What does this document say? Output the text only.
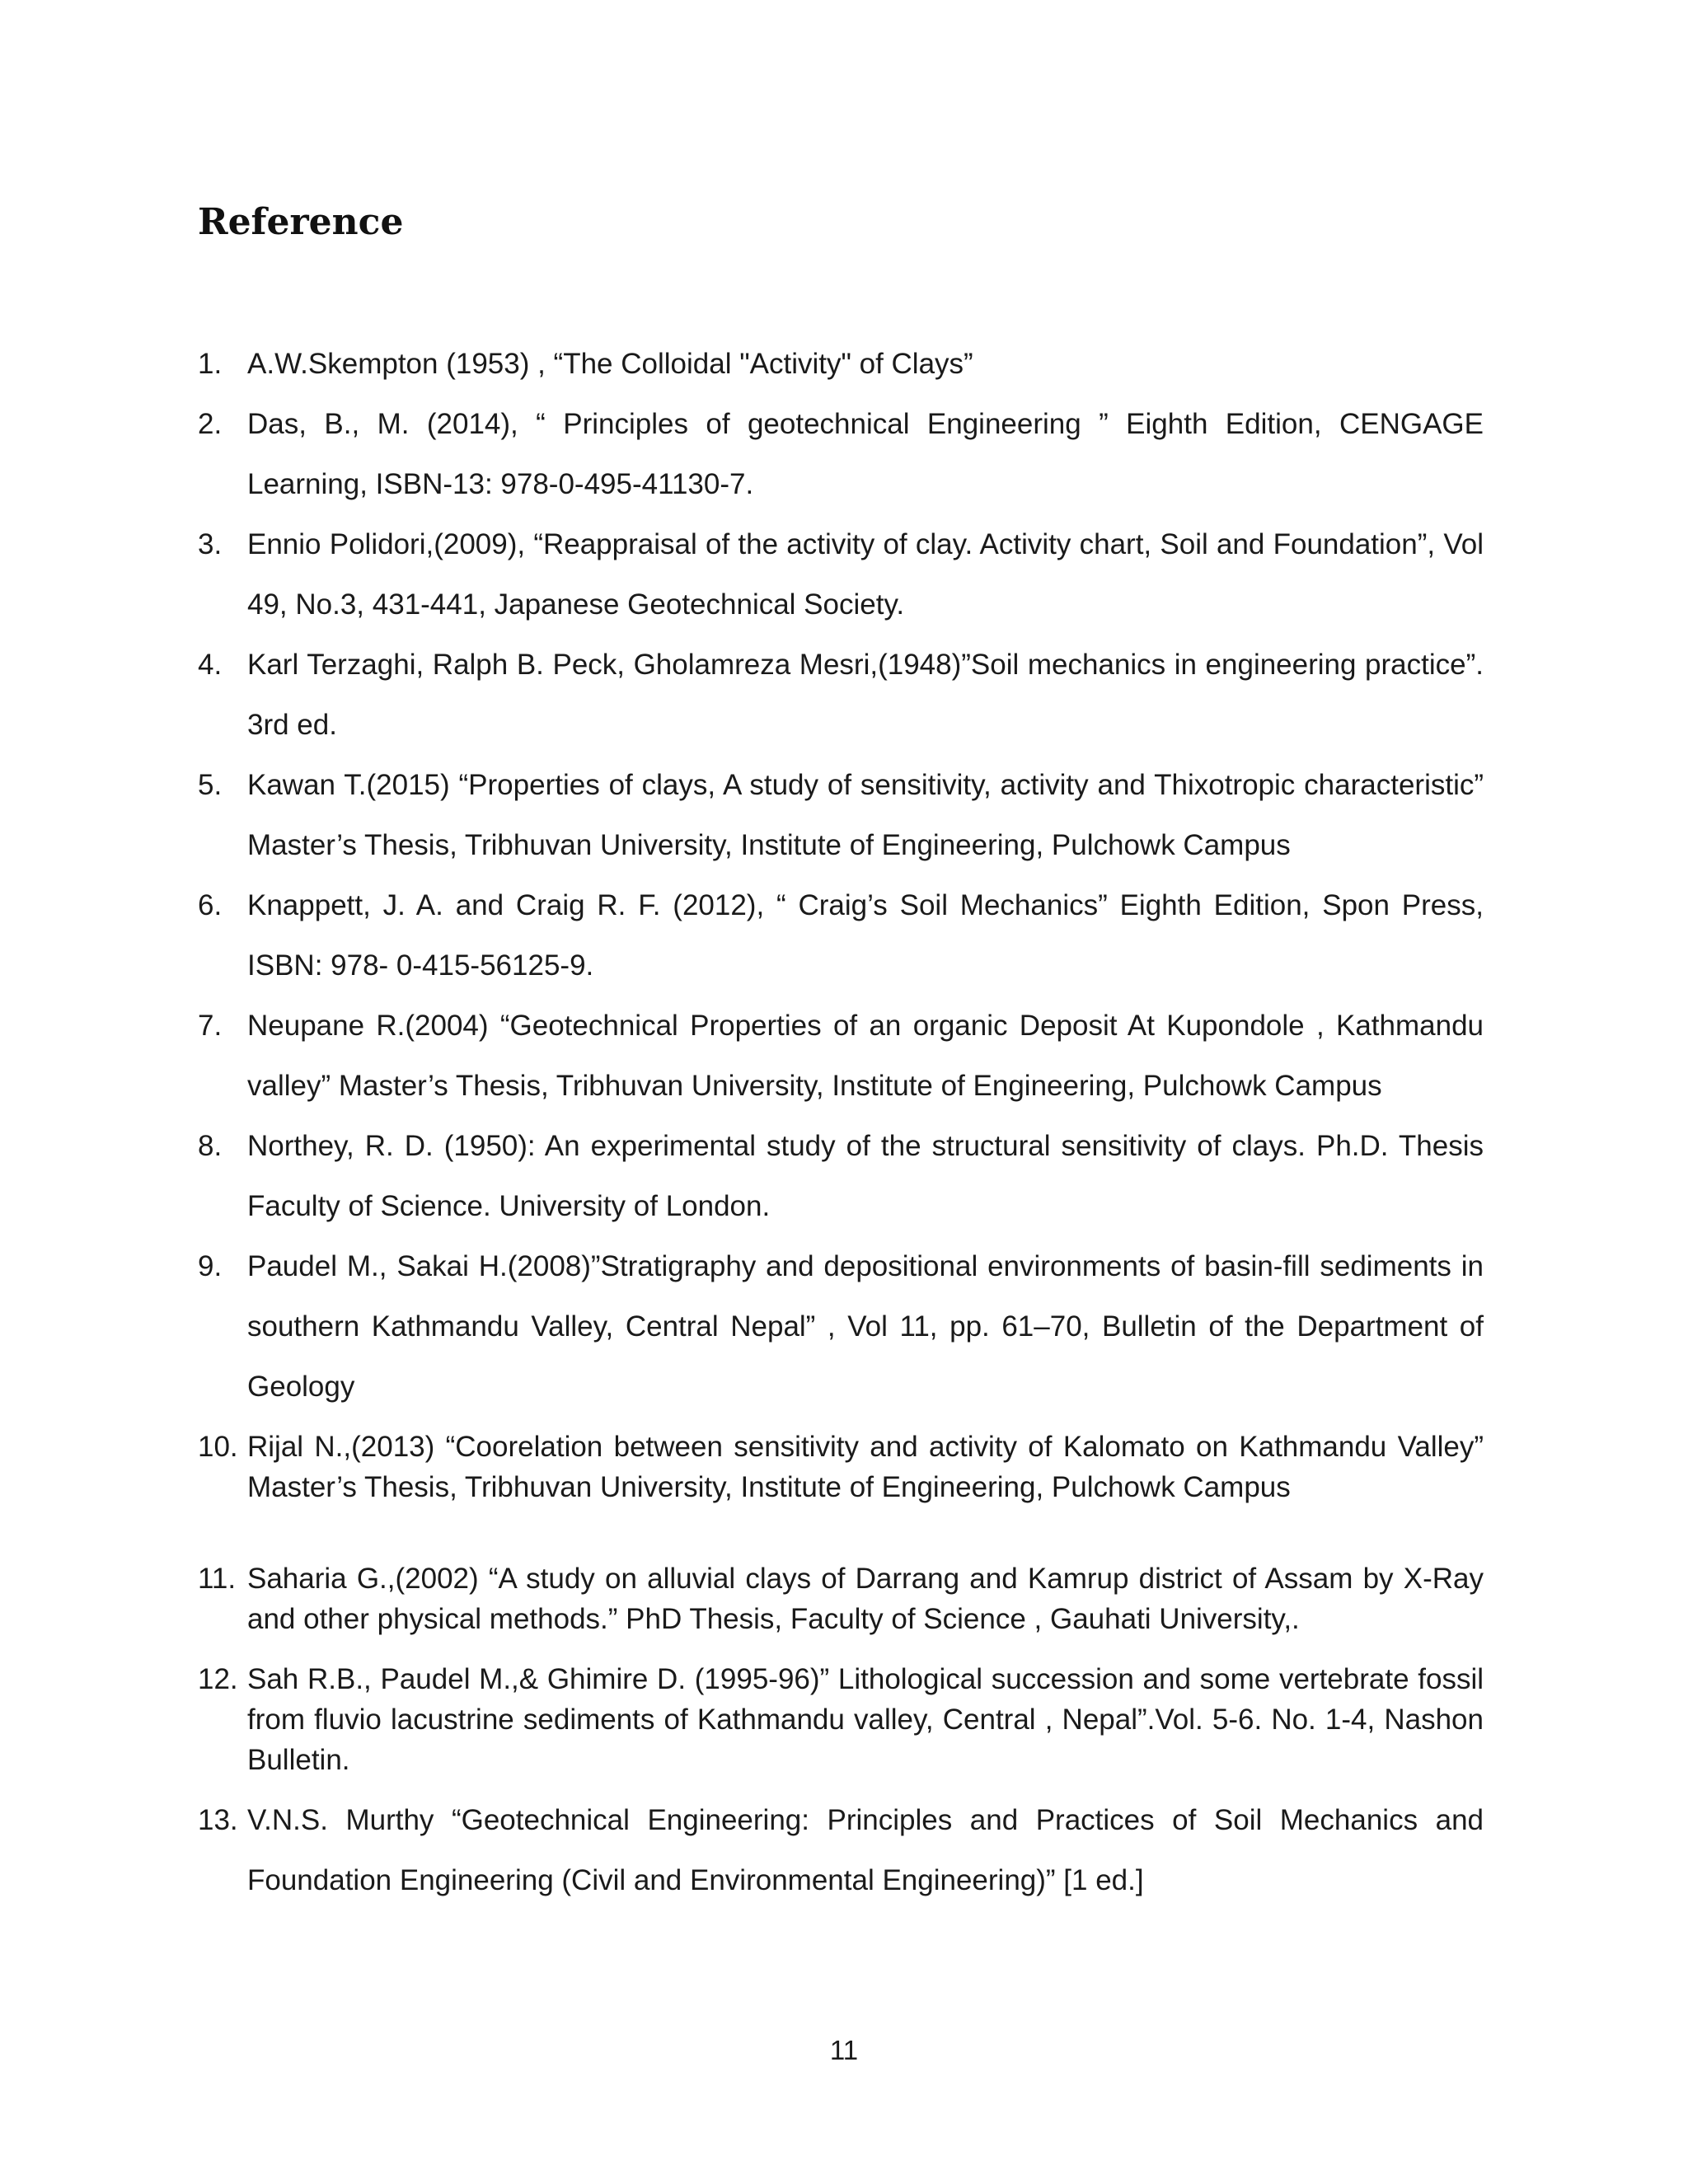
Reference
1. A.W.Skempton (1953) , “The Colloidal "Activity" of Clays”
2. Das, B., M. (2014), “ Principles of geotechnical Engineering ” Eighth Edition, CENGAGE Learning, ISBN-13: 978-0-495-41130-7.
3. Ennio Polidori,(2009), “Reappraisal of the activity of clay. Activity chart, Soil and Foundation”, Vol 49, No.3, 431-441, Japanese Geotechnical Society.
4. Karl Terzaghi, Ralph B. Peck, Gholamreza Mesri,(1948)”Soil mechanics in engineering practice”. 3rd ed.
5. Kawan T.(2015) “Properties of clays, A study of sensitivity, activity and Thixotropic characteristic” Master’s Thesis, Tribhuvan University, Institute of Engineering, Pulchowk Campus
6. Knappett, J. A. and Craig R. F. (2012), “ Craig’s Soil Mechanics” Eighth Edition, Spon Press, ISBN: 978- 0-415-56125-9.
7. Neupane R.(2004) “Geotechnical Properties of an organic Deposit At Kupondole , Kathmandu valley” Master’s Thesis, Tribhuvan University, Institute of Engineering, Pulchowk Campus
8. Northey, R. D. (1950): An experimental study of the structural sensitivity of clays. Ph.D. Thesis Faculty of Science. University of London.
9. Paudel M., Sakai H.(2008)”Stratigraphy and depositional environments of basin-fill sediments in southern Kathmandu Valley, Central Nepal” , Vol 11, pp. 61–70, Bulletin of the Department of Geology
10. Rijal N.,(2013) “Coorelation between sensitivity and activity of Kalomato on Kathmandu Valley” Master’s Thesis, Tribhuvan University, Institute of Engineering, Pulchowk Campus
11. Saharia G.,(2002) “A study on alluvial clays of Darrang and Kamrup district of Assam by X-Ray and other physical methods.” PhD Thesis, Faculty of Science , Gauhati University,.
12. Sah R.B., Paudel M.,& Ghimire D. (1995-96)” Lithological succession and some vertebrate fossil from fluvio lacustrine sediments of Kathmandu valley, Central , Nepal”.Vol. 5-6. No. 1-4, Nashon Bulletin.
13. V.N.S. Murthy “Geotechnical Engineering: Principles and Practices of Soil Mechanics and Foundation Engineering (Civil and Environmental Engineering)” [1 ed.]
11
